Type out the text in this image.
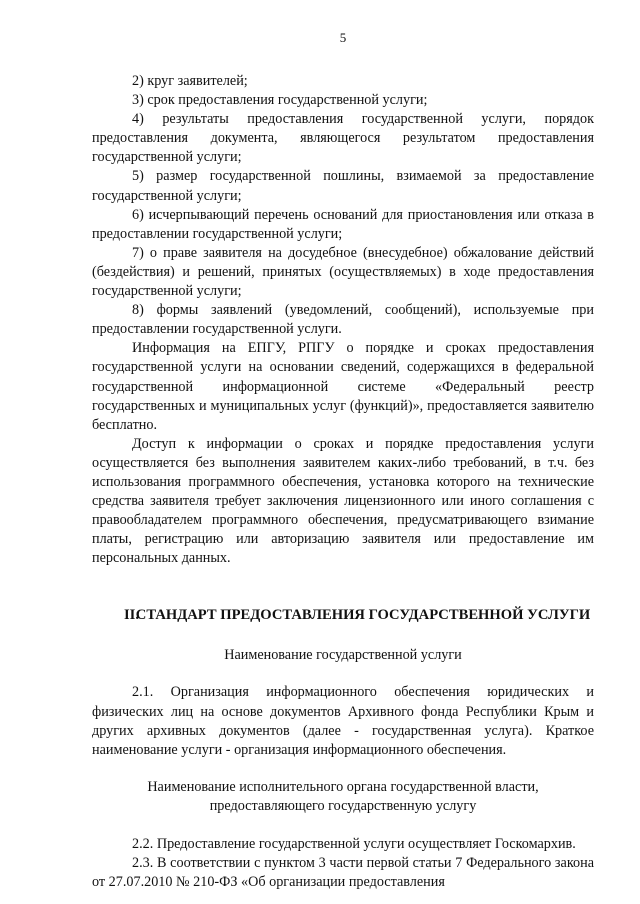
5

2) круг заявителей;

3) срок предоставления государственной услуги;

4) результаты предоставления государственной услуги, порядок предоставления документа, являющегося результатом предоставления государственной услуги;

5) размер государственной пошлины, взимаемой за предоставление государственной услуги;

6) исчерпывающий перечень оснований для приостановления или отказа в предоставлении государственной услуги;

7) о праве заявителя на досудебное (внесудебное) обжалование действий (бездействия) и решений, принятых (осуществляемых) в ходе предоставления государственной услуги;

8) формы заявлений (уведомлений, сообщений), используемые при предоставлении государственной услуги.

Информация на ЕПГУ, РПГУ о порядке и сроках предоставления государственной услуги на основании сведений, содержащихся в федеральной государственной информационной системе «Федеральный реестр государственных и муниципальных услуг (функций)», предоставляется заявителю бесплатно.

Доступ к информации о сроках и порядке предоставления услуги осуществляется без выполнения заявителем каких-либо требований, в т.ч. без использования программного обеспечения, установка которого на технические средства заявителя требует заключения лицензионного или иного соглашения с правообладателем программного обеспечения, предусматривающего взимание платы, регистрацию или авторизацию заявителя или предоставление им персональных данных.

II.
СТАНДАРТ ПРЕДОСТАВЛЕНИЯ ГОСУДАРСТВЕННОЙ УСЛУГИ
Наименование государственной услуги

2.1. Организация информационного обеспечения юридических и физических лиц на основе документов Архивного фонда Республики Крым и других архивных документов (далее - государственная услуга). Краткое наименование услуги - организация информационного обеспечения.

Наименование исполнительного органа государственной власти, предоставляющего государственную услугу

2.2. Предоставление государственной услуги осуществляет Госкомархив.

2.3. В соответствии с пунктом 3 части первой статьи 7 Федерального закона от 27.07.2010 № 210-ФЗ «Об организации предоставления
